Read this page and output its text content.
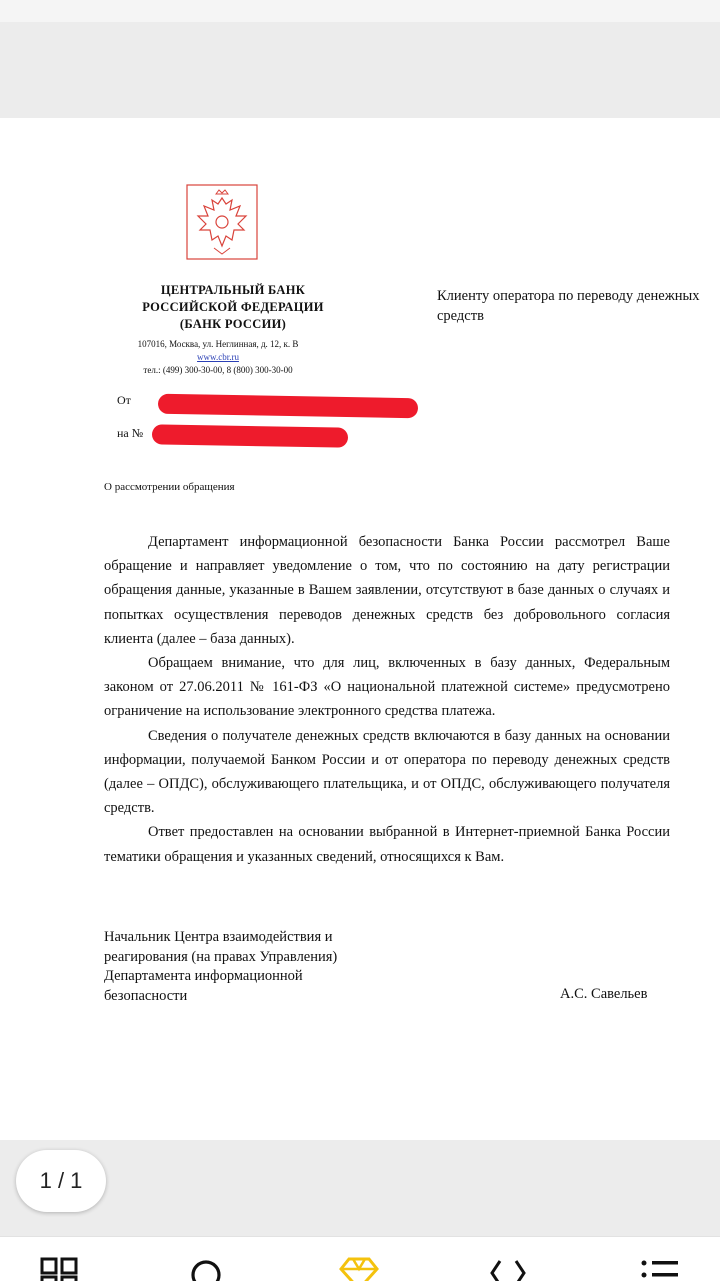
ЦЕНТРАЛЬНЫЙ БАНК
РОССИЙСКОЙ ФЕДЕРАЦИИ
(БАНК РОССИИ)
107016, Москва, ул. Неглинная, д. 12, к. В
www.cbr.ru
тел.: (499) 300-30-00, 8 (800) 300-30-00
Клиенту оператора по переводу денежных средств
От
на №
О рассмотрении обращения

Департамент информационной безопасности Банка России рассмотрел Ваше обращение и направляет уведомление о том, что по состоянию на дату регистрации обращения данные, указанные в Вашем заявлении, отсутствуют в базе данных о случаях и попытках осуществления переводов денежных средств без добровольного согласия клиента (далее – база данных).

Обращаем внимание, что для лиц, включенных в базу данных, Федеральным законом от 27.06.2011 № 161-ФЗ «О национальной платежной системе» предусмотрено ограничение на использование электронного средства платежа.

Сведения о получателе денежных средств включаются в базу данных на основании информации, получаемой Банком России и от оператора по переводу денежных средств (далее – ОПДС), обслуживающего плательщика, и от ОПДС, обслуживающего получателя средств.

Ответ предоставлен на основании выбранной в Интернет-приемной Банка России тематики обращения и указанных сведений, относящихся к Вам.

Начальник Центра взаимодействия и
реагирования (на правах Управления)
Департамента информационной
безопасности	А.С. Савельев
1 / 1
